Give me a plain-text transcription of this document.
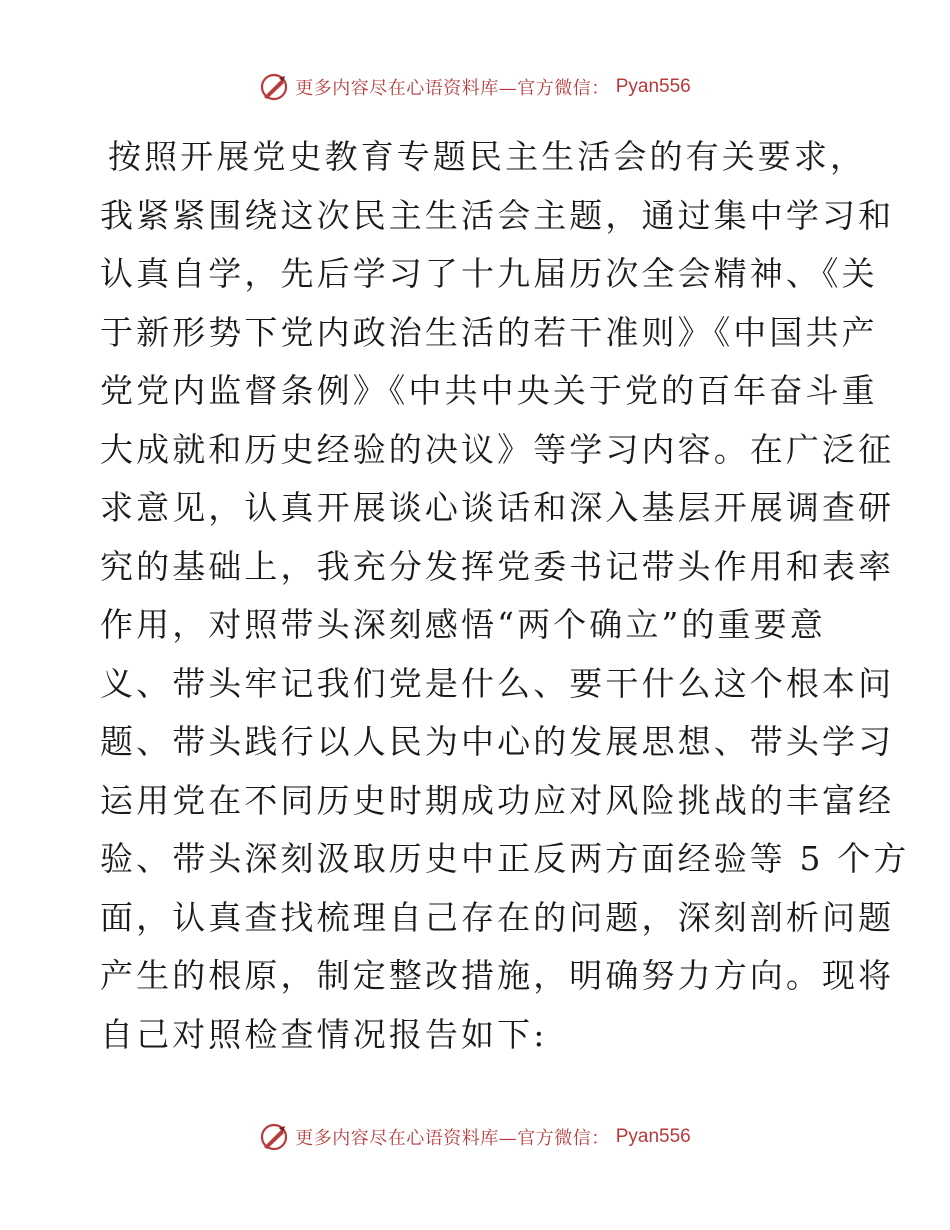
更多内容尽在心语资料库—官方微信： Pyan556
按照开展党史教育专题民主生活会的有关要求，
我紧紧围绕这次民主生活会主题，通过集中学习和
认真自学，先后学习了十九届历次全会精神、《关
于新形势下党内政治生活的若干准则》《中国共产
党党内监督条例》《中共中央关于党的百年奋斗重
大成就和历史经验的决议》等学习内容。在广泛征
求意见，认真开展谈心谈话和深入基层开展调查研
究的基础上，我充分发挥党委书记带头作用和表率
作用，对照带头深刻感悟“两个确立”的重要意
义、带头牢记我们党是什么、要干什么这个根本问
题、带头践行以人民为中心的发展思想、带头学习
运用党在不同历史时期成功应对风险挑战的丰富经
验、带头深刻汲取历史中正反两方面经验等 5 个方
面，认真查找梳理自己存在的问题，深刻剖析问题
产生的根原，制定整改措施，明确努力方向。现将
自己对照检查情况报告如下:
更多内容尽在心语资料库—官方微信： Pyan556
